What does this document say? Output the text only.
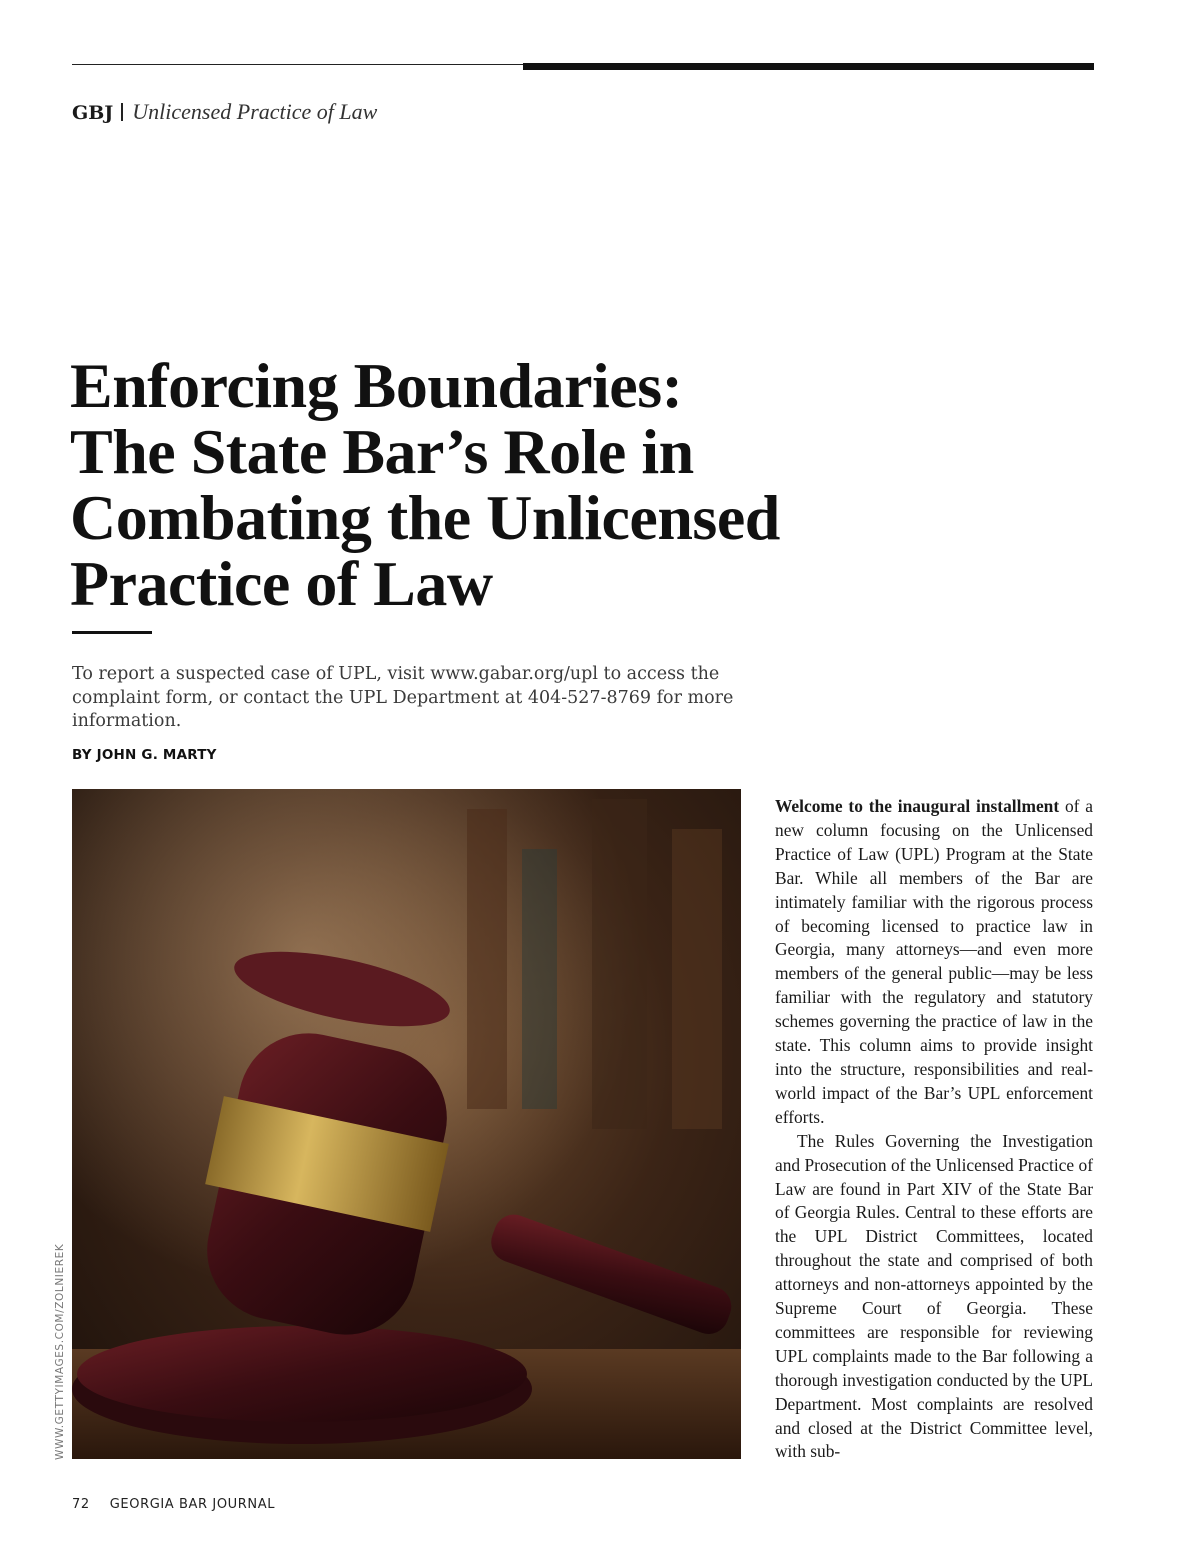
GBJ Unlicensed Practice of Law
Enforcing Boundaries:
The State Bar’s Role in
Combating the Unlicensed
Practice of Law

To report a suspected case of UPL, visit www.gabar.org/upl to access the complaint form, or contact the UPL Department at 404-527-8769 for more information.

BY JOHN G. MARTY
WWW.GETTYIMAGES.COM/ZOLNIEREK

Welcome to the inaugural installment of a new column focusing on the Unlicensed Practice of Law (UPL) Program at the State Bar. While all members of the Bar are intimately familiar with the rigorous process of becoming licensed to practice law in Georgia, many attorneys—and even more members of the general public—may be less familiar with the regulatory and statutory schemes governing the practice of law in the state. This column aims to provide insight into the structure, responsibilities and real-world impact of the Bar’s UPL enforcement efforts.

The Rules Governing the Investigation and Prosecution of the Unlicensed Practice of Law are found in Part XIV of the State Bar of Georgia Rules. Central to these efforts are the UPL District Committees, located throughout the state and comprised of both attorneys and non-attorneys appointed by the Supreme Court of Georgia. These committees are responsible for reviewing UPL complaints made to the Bar following a thorough investigation conducted by the UPL Department. Most complaints are resolved and closed at the District Committee level, with sub-

72 GEORGIA BAR JOURNAL
